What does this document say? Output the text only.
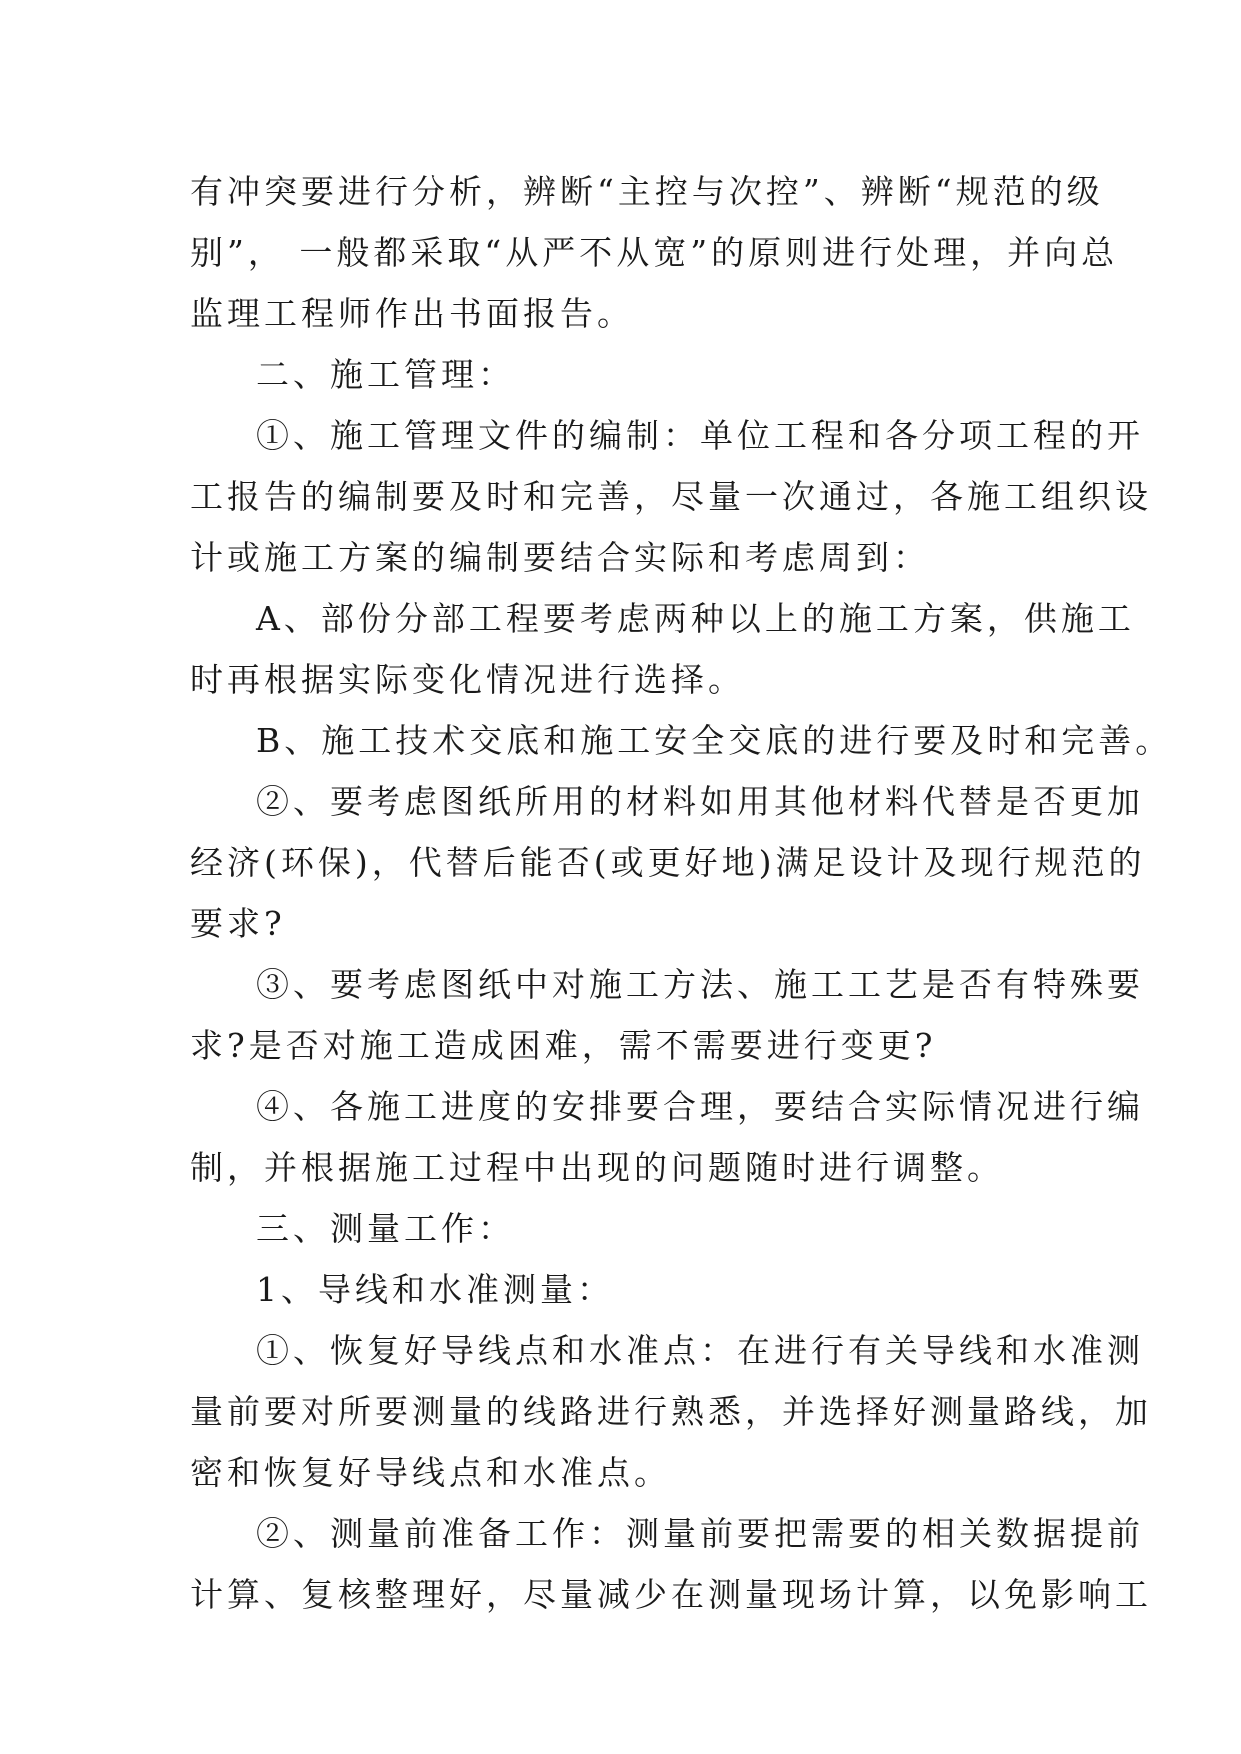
有冲突要进行分析，辨断“主控与次控”、辨断“规范的级
别”， 一般都采取“从严不从宽”的原则进行处理，并向总
监理工程师作出书面报告。

二、施工管理：

①、施工管理文件的编制：单位工程和各分项工程的开
工报告的编制要及时和完善，尽量一次通过，各施工组织设
计或施工方案的编制要结合实际和考虑周到：

A、部份分部工程要考虑两种以上的施工方案，供施工
时再根据实际变化情况进行选择。

B、施工技术交底和施工安全交底的进行要及时和完善。

②、要考虑图纸所用的材料如用其他材料代替是否更加
经济(环保)，代替后能否(或更好地)满足设计及现行规范的
要求?

③、要考虑图纸中对施工方法、施工工艺是否有特殊要
求?是否对施工造成困难，需不需要进行变更?

④、各施工进度的安排要合理，要结合实际情况进行编
制，并根据施工过程中出现的问题随时进行调整。

三、测量工作：

1、导线和水准测量：

①、恢复好导线点和水准点：在进行有关导线和水准测
量前要对所要测量的线路进行熟悉，并选择好测量路线，加
密和恢复好导线点和水准点。

②、测量前准备工作：测量前要把需要的相关数据提前
计算、复核整理好，尽量减少在测量现场计算，以免影响工
